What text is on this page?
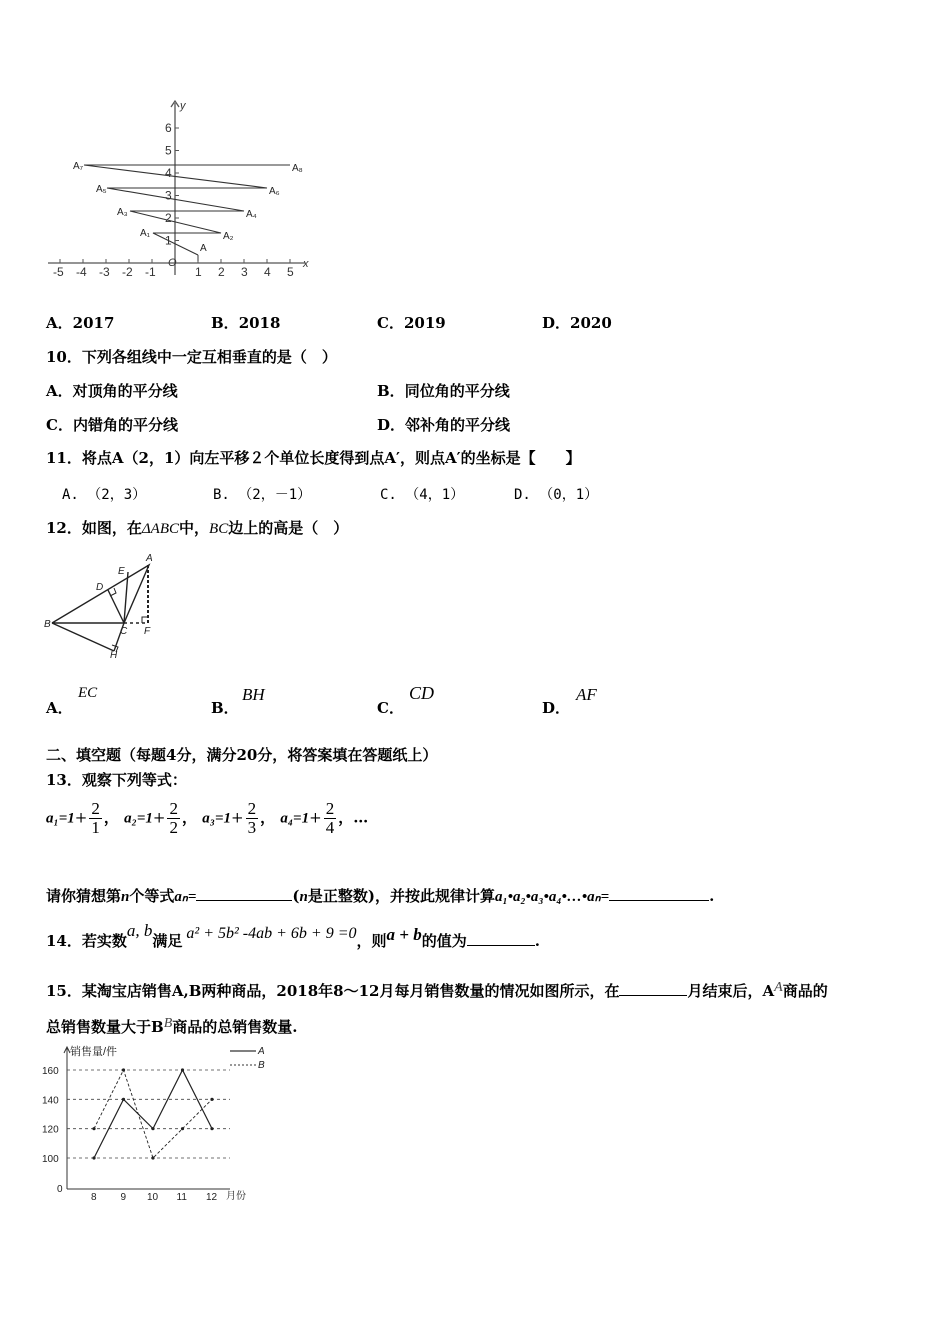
-5 -4 -3 -2 -1	1 2 3 4 5
1
2
3
4
5
6
y
x
O
A
A₁	A₂
A₃	A₄
A₅	A₆
A₇	A₈
A．2017	B．2018	C．2019	D．2020
10．下列各组线中一定互相垂直的是（　）
A．对顶角的平分线	B．同位角的平分线
C．内错角的平分线	D．邻补角的平分线
11．将点A（2，1）向左平移２个单位长度得到点A′，则点A′的坐标是【　　】
A. （2，3）	B. （2，－1）	C. （4，1）	D. （0，1）
12．如图，在ΔABC中，BC边上的高是（　）
A
B
C
D
E
F
H
A．
EC
B．
BH
C．
CD
D．
AF
二、填空题（每题4分，满分20分，将答案填在答题纸上）
13．观察下列等式：
$a_1=1+ \frac{2}{1}$ ， $a_2=1+ \frac{2}{2}$ ， $a_3=1+ \frac{2}{3}$ ， $a_4=1+ \frac{2}{4}$ ，…
请你猜想第n个等式aₙ=	(n是正整数)，并按此规律计算a₁•a₂•a₃•a₄•…•aₙ=	.
14．若实数a, b满足 a² + 5b² -4ab + 6b + 9 =0，则a + b的值为	.
15．某淘宝店销售A,B两种商品，2018年8～12月每月销售数量的情况如图所示，在	月结束后，AA商品的
总销售数量大于BB商品的总销售数量.
销售量/件
月份
0
100
120
140
160
8 9 10 11 12
A
B
